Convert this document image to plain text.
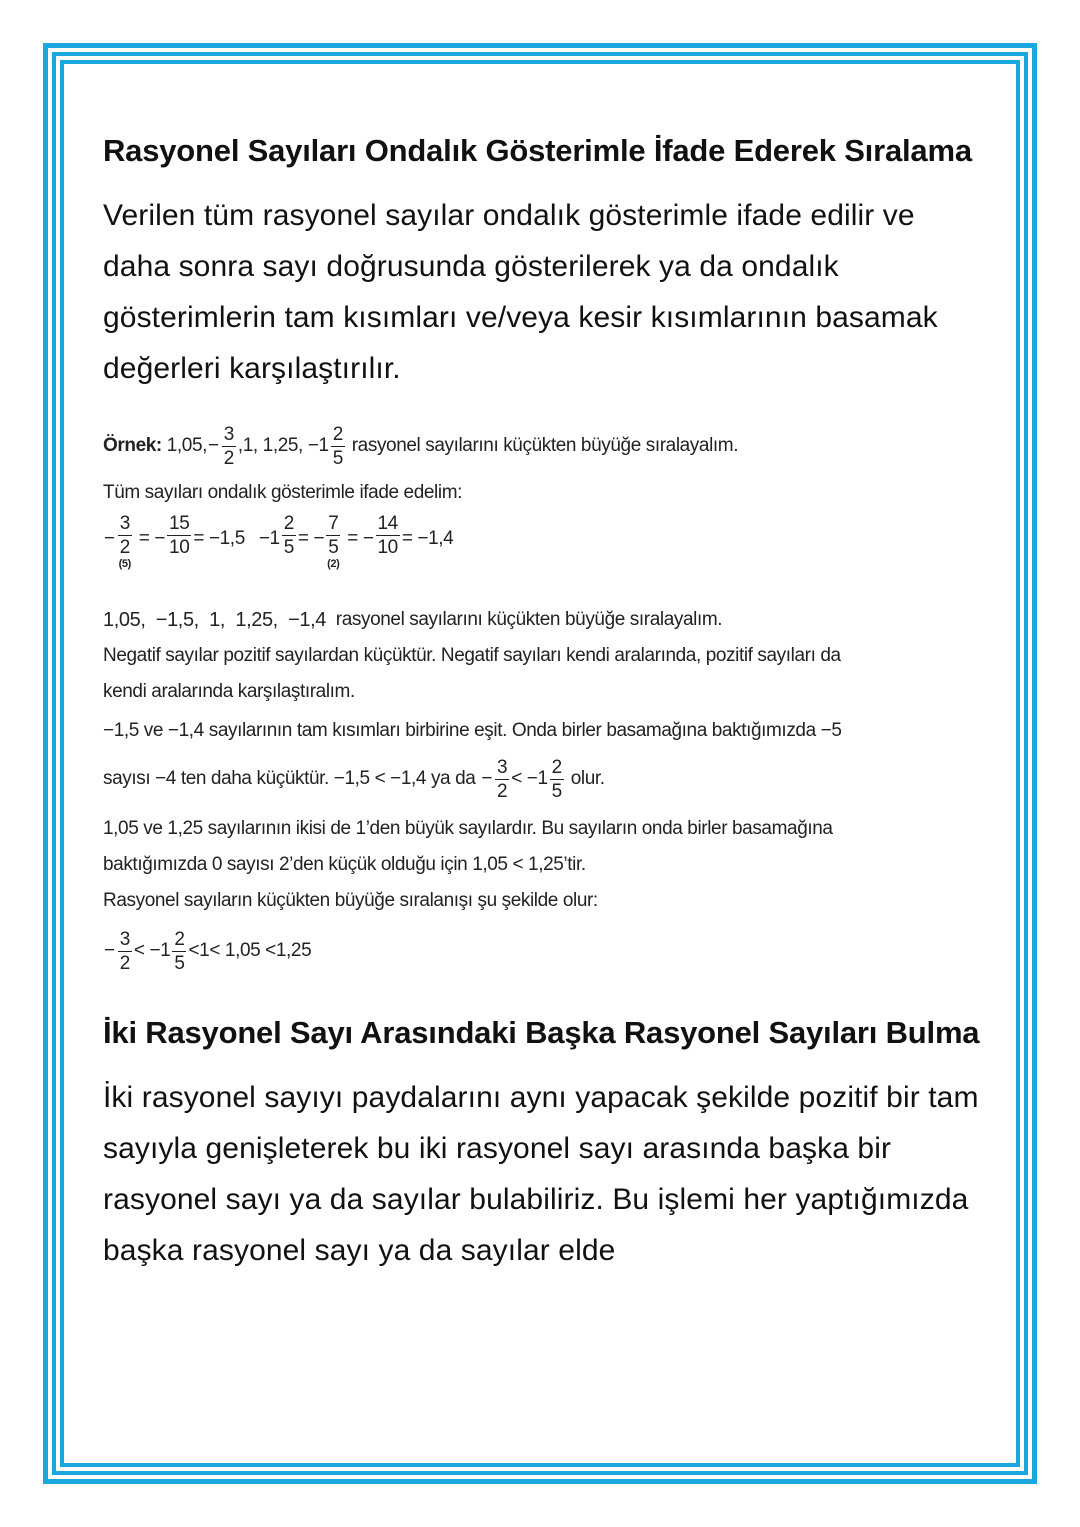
Rasyonel Sayıları Ondalık Gösterimle İfade Ederek Sıralama

Verilen tüm rasyonel sayılar ondalık gösterimle ifade edilir ve daha sonra sayı doğrusunda gösterilerek ya da ondalık gösterimlerin tam kısımları ve/veya kesir kısımlarının basamak değerleri karşılaştırılır.

Örnek:
1,05, − $\frac{3}{2} ,1$, 1,25, $-1 \frac{2}{5}$
rasyonel sayılarını küçükten büyüğe sıralayalım.
Tüm sayıları ondalık gösterimle ifade edelim:
−
3
2
(5)
= − $\frac{15}{10} = -1,5 -1 \frac{2}{5}$ = −
7
5
(2)
= − $\frac{14}{10} = -1,4$
1,05,  −1,5,  1,  1,25,  −1,4
rasyonel sayılarını küçükten büyüğe sıralayalım.
Negatif sayılar pozitif sayılardan küçüktür. Negatif sayıları kendi aralarında, pozitif sayıları da
kendi aralarında karşılaştıralım.
−1,5 ve −1,4 sayılarının tam kısımları birbirine eşit. Onda birler basamağına baktığımızda −5
sayısı −4 ten daha küçüktür. −1,5 < −1,4 ya da
− $\frac{3}{2} < -1 \frac{2}{5}$
olur.
1,05 ve 1,25 sayılarının ikisi de 1’den büyük sayılardır. Bu sayıların onda birler basamağına
baktığımızda 0 sayısı 2’den küçük olduğu için 1,05 < 1,25’tir.
Rasyonel sayıların küçükten büyüğe sıralanışı şu şekilde olur:
− $\frac{3}{2} < -1 \frac{2}{5} <1< 1,05 <1,25$
İki Rasyonel Sayı Arasındaki Başka Rasyonel Sayıları Bulma

İki rasyonel sayıyı paydalarını aynı yapacak şekilde pozitif bir tam sayıyla genişleterek bu iki rasyonel sayı arasında başka bir rasyonel sayı ya da sayılar bulabiliriz. Bu işlemi her yaptığımızda başka rasyonel sayı ya da sayılar elde
